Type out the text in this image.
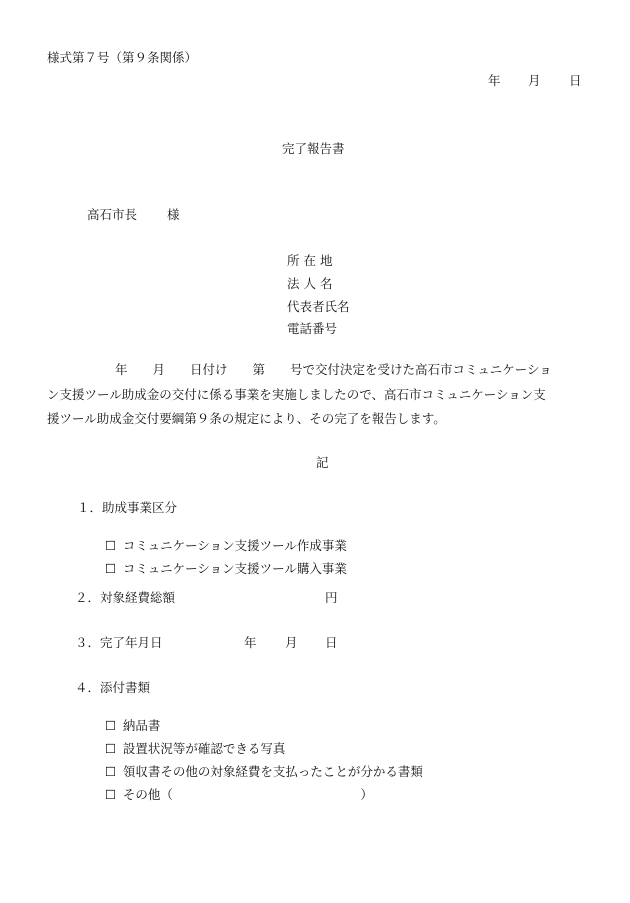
様式第７号（第９条関係）

年 月 日
完了報告書
高石市長 様
所 在 地
法 人 名
代表者氏名
電話番号

年　　月　　日付け　　第　　号で交付決定を受けた高石市コミュニケーショ

ン支援ツール助成金の交付に係る事業を実施しましたので、高石市コミュニケーション支

援ツール助成金交付要綱第９条の規定により、その完了を報告します。

記
１．助成事業区分

☐ コミュニケーション支援ツール作成事業

☐ コミュニケーション支援ツール購入事業

２．対象経費総額	円
３．完了年月日	年 月 日
４．添付書類

☐ 納品書

☐ 設置状況等が確認できる写真

☐ 領収書その他の対象経費を支払ったことが分かる書類

☐ その他（　　　　　　　　　　　　　　　）
